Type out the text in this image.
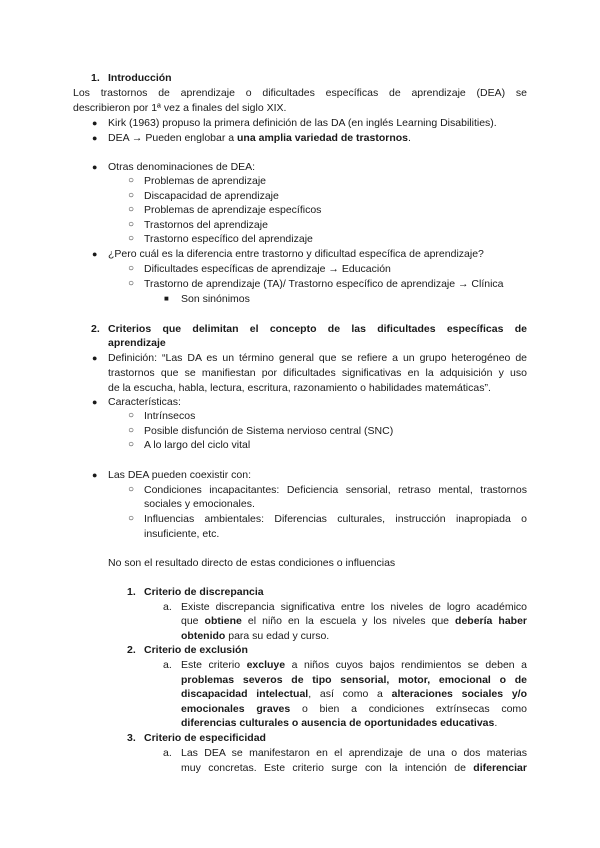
1. Introducción
Los trastornos de aprendizaje o dificultades específicas de aprendizaje (DEA) se
describieron por 1ª vez a finales del siglo XIX.
● Kirk (1963) propuso la primera definición de las DA (en inglés Learning Disabilities).
● DEA → Pueden englobar a una amplia variedad de trastornos.
● Otras denominaciones de DEA:
○ Problemas de aprendizaje
○ Discapacidad de aprendizaje
○ Problemas de aprendizaje específicos
○ Trastornos del aprendizaje
○ Trastorno específico del aprendizaje
● ¿Pero cuál es la diferencia entre trastorno y dificultad específica de aprendizaje?
○ Dificultades específicas de aprendizaje → Educación
○ Trastorno de aprendizaje (TA)/ Trastorno específico de aprendizaje → Clínica
■ Son sinónimos
2. Criterios que delimitan el concepto de las dificultades específicas de
aprendizaje
● Definición: “Las DA es un término general que se refiere a un grupo heterogéneo de
trastornos que se manifiestan por dificultades significativas en la adquisición y uso
de la escucha, habla, lectura, escritura, razonamiento o habilidades matemáticas”.
● Características:
○ Intrínsecos
○ Posible disfunción de Sistema nervioso central (SNC)
○ A lo largo del ciclo vital
● Las DEA pueden coexistir con:
○ Condiciones incapacitantes: Deficiencia sensorial, retraso mental, trastornos
sociales y emocionales.
○ Influencias ambientales: Diferencias culturales, instrucción inapropiada o
insuficiente, etc.
No son el resultado directo de estas condiciones o influencias
1. Criterio de discrepancia
a. Existe discrepancia significativa entre los niveles de logro académico
que obtiene el niño en la escuela y los niveles que debería haber
obtenido para su edad y curso.
2. Criterio de exclusión
a. Este criterio excluye a niños cuyos bajos rendimientos se deben a
problemas severos de tipo sensorial, motor, emocional o de
discapacidad intelectual, así como a alteraciones sociales y/o
emocionales graves o bien a condiciones extrínsecas como
diferencias culturales o ausencia de oportunidades educativas.
3. Criterio de especificidad
a. Las DEA se manifestaron en el aprendizaje de una o dos materias
muy concretas. Este criterio surge con la intención de diferenciar
